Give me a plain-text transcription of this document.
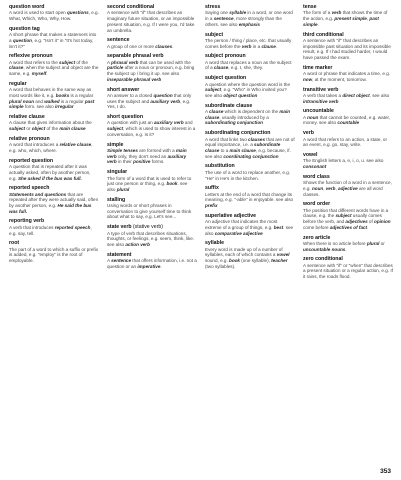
question word
A word is used to start open questions, e.g. What, Which, Who, Why, How.
question tag
A short phrase that makes a statement into a question, e.g. "Isn't it" in "It's hot today, isn't it?"
reflexive pronoun
A word that refers to the subject of the clause, when the subject and object are the same, e.g. myself.
regular
A word that behaves in the same way as most words like it, e.g. books is a regular plural noun and walked is a regular past simple form. see also irregular
relative clause
A clause that gives information about the subject or object of the main clause
relative pronoun
A word that introduces a relative clause, e.g. who, which, where.
reported question
A question that is repeated after it was actually asked, often by another person, e.g. She asked if the bus was full.
reported speech
Statements and questions that are repeated after they were actually said, often by another person, e.g. He said the bus was full.
reporting verb
A verb that introduces reported speech, e.g. say, tell.
root
The part of a word to which a suffix or prefix is added, e.g. "employ" is the root of employable.
second conditional
A sentence with "if" that describes an imaginary future situation, or an impossible present situation, e.g. If I were you, I'd take an umbrella.
sentence
A group of one or more clauses.
separable phrasal verb
A phrasal verb that can be used with the particle after a noun or pronoun, e.g. bring the subject up / bring it up. see also inseparable phrasal verb
short answer
An answer to a closed question that only uses the subject and auxiliary verb, e.g. Yes, I do.
short question
A question with just an auxiliary verb and subject, which is used to show interest in a conversation, e.g. Is it?
simple
Simple tenses are formed with a main verb only, they don't need an auxiliary verb in their positive forms.
singular
The form of a word that is used to refer to just one person or thing, e.g. book. see also plural
stalling
Using words or short phrases in conversation to give yourself time to think about what to say, e.g. Let's see...
state verb (stative verb)
A type of verb that describes situations, thoughts, or feelings, e.g. seem, think, like. see also action verb
statement
A sentence that offers information, i.e. not a question or an imperative.
stress
Saying one syllable in a word, or one word in a sentence, more strongly than the others. see also emphasis
subject
The person / thing / place, etc. that usually comes before the verb in a clause.
subject pronoun
A word that replaces a noun as the subject of a clause, e.g. I, she, they.
subject question
A question where the question word is the subject, e.g. "Who" in Who invited you? see also object question
subordinate clause
A clause which is dependent on the main clause, usually introduced by a subordinating conjunction
subordinating conjunction
A word that links two clauses that are not of equal importance, i.e. a subordinate clause to a main clause, e.g. because, if. see also coordinating conjunction
substitution
The use of a word to replace another, e.g. "He" in He's in the kitchen.
suffix
Letters at the end of a word that change its meaning, e.g. "-able" in enjoyable. see also prefix
superlative adjective
An adjective that indicates the most extreme of a group of things, e.g. best. see also comparative adjective
syllable
Every word is made up of a number of syllables, each of which contains a vowel sound, e.g. book (one syllable), teacher (two syllables).
tense
The form of a verb that shows the time of the action, e.g. present simple, past simple.
third conditional
A sentence with "if" that describes an impossible past situation and its impossible result, e.g. If I had studied harder, I would have passed the exam.
time marker
A word or phrase that indicates a time, e.g. now, at the moment, tomorrow.
transitive verb
A verb that takes a direct object. see also intransitive verb
uncountable
A noun that cannot be counted, e.g. water, money. see also countable
verb
A word that refers to an action, a state, or an event, e.g. go, stay, write.
vowel
The English letters a, e, i, o, u. see also consonant
word class
Shows the function of a word in a sentence, e.g. noun, verb, adjective are all word classes.
word order
The position that different words have in a clause, e.g. the subject usually comes before the verb, and adjectives of opinion come before adjectives of fact.
zero article
When there is no article before plural or uncountable nouns.
zero conditional
A sentence with "if" or "when" that describes a present situation or a regular action, e.g. If it rains, the roads flood.
353
